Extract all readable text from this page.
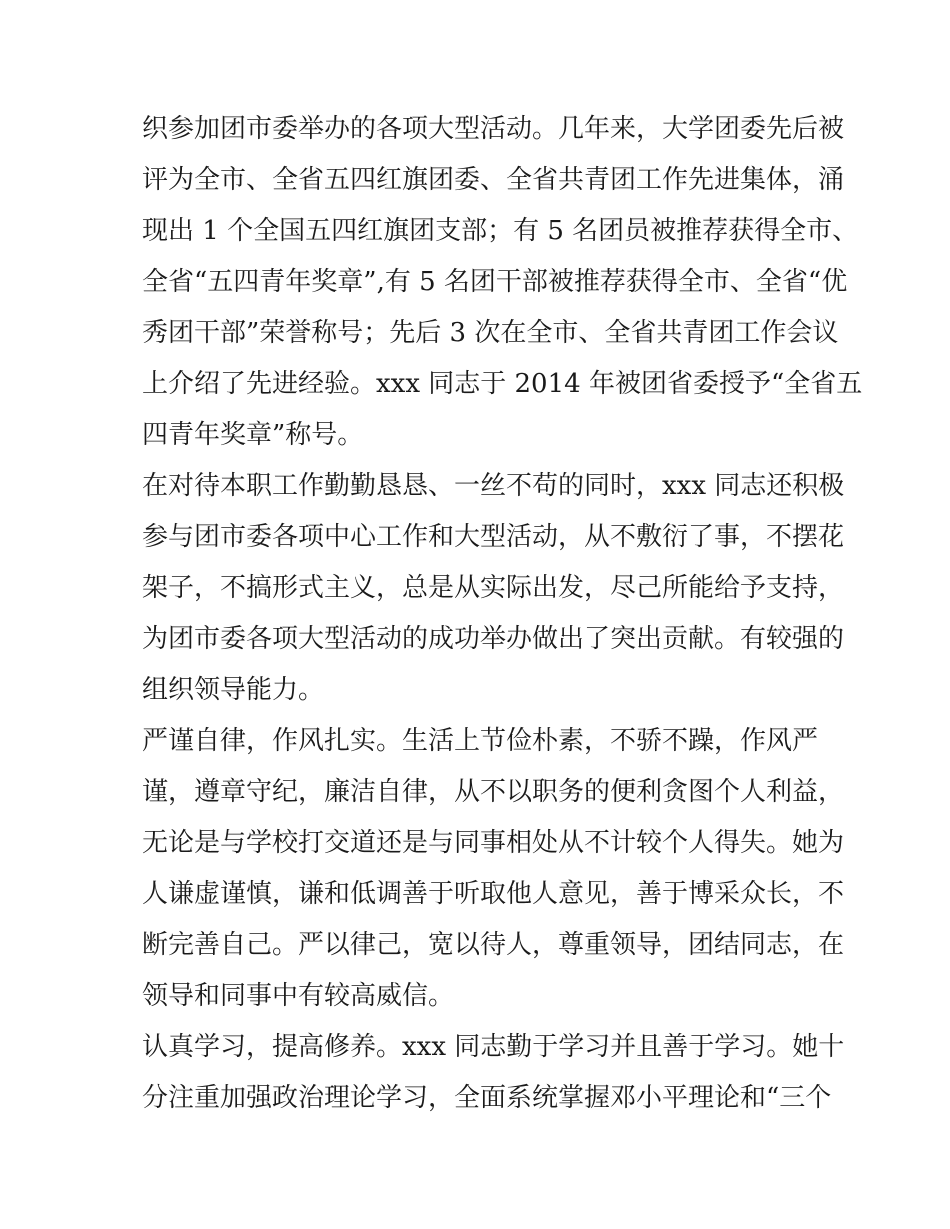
织参加团市委举办的各项大型活动。几年来，大学团委先后被
评为全市、全省五四红旗团委、全省共青团工作先进集体，涌
现出 1 个全国五四红旗团支部；有 5 名团员被推荐获得全市、
全省“五四青年奖章”,有 5 名团干部被推荐获得全市、全省“优
秀团干部”荣誉称号；先后 3 次在全市、全省共青团工作会议
上介绍了先进经验。xxx 同志于 2014 年被团省委授予“全省五
四青年奖章”称号。
在对待本职工作勤勤恳恳、一丝不苟的同时，xxx 同志还积极
参与团市委各项中心工作和大型活动，从不敷衍了事，不摆花
架子，不搞形式主义，总是从实际出发，尽己所能给予支持，
为团市委各项大型活动的成功举办做出了突出贡献。有较强的
组织领导能力。
严谨自律，作风扎实。生活上节俭朴素，不骄不躁，作风严
谨，遵章守纪，廉洁自律，从不以职务的便利贪图个人利益，
无论是与学校打交道还是与同事相处从不计较个人得失。她为
人谦虚谨慎，谦和低调善于听取他人意见，善于博采众长，不
断完善自己。严以律己，宽以待人，尊重领导，团结同志，在
领导和同事中有较高威信。
认真学习，提高修养。xxx 同志勤于学习并且善于学习。她十
分注重加强政治理论学习，全面系统掌握邓小平理论和“三个
